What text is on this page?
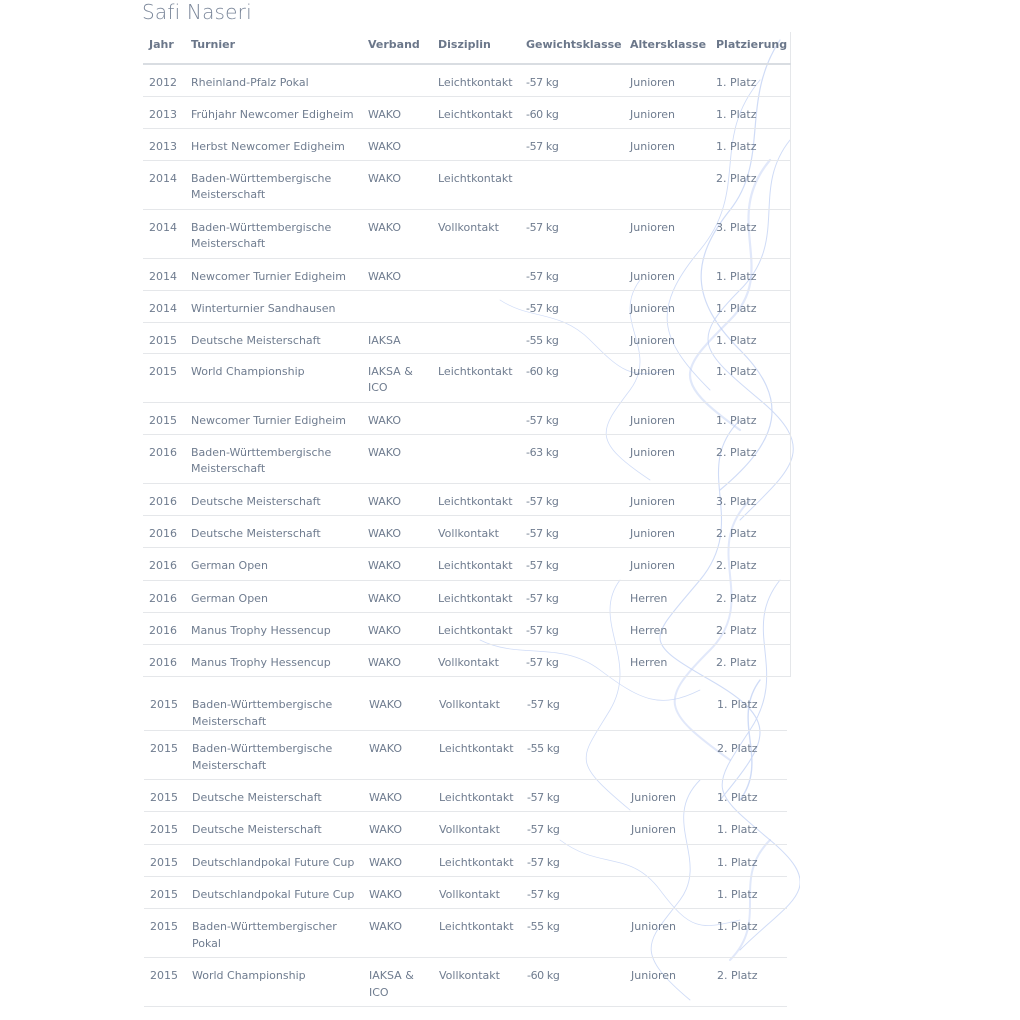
Safi Naseri
Jahr	Turnier	Verband	Disziplin	Gewichtsklasse	Altersklasse	Platzierung
2012	Rheinland-Pfalz Pokal		Leichtkontakt	-57 kg	Junioren	1. Platz
2013	Frühjahr Newcomer Edigheim	WAKO	Leichtkontakt	-60 kg	Junioren	1. Platz
2013	Herbst Newcomer Edigheim	WAKO		-57 kg	Junioren	1. Platz
2014	Baden-Württembergische Meisterschaft	WAKO	Leichtkontakt			2. Platz
2014	Baden-Württembergische Meisterschaft	WAKO	Vollkontakt	-57 kg	Junioren	3. Platz
2014	Newcomer Turnier Edigheim	WAKO		-57 kg	Junioren	1. Platz
2014	Winterturnier Sandhausen			-57 kg	Junioren	1. Platz
2015	Deutsche Meisterschaft	IAKSA		-55 kg	Junioren	1. Platz
2015	World Championship	IAKSA & ICO	Leichtkontakt	-60 kg	Junioren	1. Platz
2015	Newcomer Turnier Edigheim	WAKO		-57 kg	Junioren	1. Platz
2016	Baden-Württembergische Meisterschaft	WAKO		-63 kg	Junioren	2. Platz
2016	Deutsche Meisterschaft	WAKO	Leichtkontakt	-57 kg	Junioren	3. Platz
2016	Deutsche Meisterschaft	WAKO	Vollkontakt	-57 kg	Junioren	2. Platz
2016	German Open	WAKO	Leichtkontakt	-57 kg	Junioren	2. Platz
2016	German Open	WAKO	Leichtkontakt	-57 kg	Herren	2. Platz
2016	Manus Trophy Hessencup	WAKO	Leichtkontakt	-57 kg	Herren	2. Platz
2016	Manus Trophy Hessencup	WAKO	Vollkontakt	-57 kg	Herren	2. Platz
2015	Baden-Württembergische Meisterschaft	WAKO	Vollkontakt	-57 kg		1. Platz
2015	Baden-Württembergische Meisterschaft	WAKO	Leichtkontakt	-55 kg		2. Platz
2015	Deutsche Meisterschaft	WAKO	Leichtkontakt	-57 kg	Junioren	1. Platz
2015	Deutsche Meisterschaft	WAKO	Vollkontakt	-57 kg	Junioren	1. Platz
2015	Deutschlandpokal Future Cup	WAKO	Leichtkontakt	-57 kg		1. Platz
2015	Deutschlandpokal Future Cup	WAKO	Vollkontakt	-57 kg		1. Platz
2015	Baden-Württembergischer Pokal	WAKO	Leichtkontakt	-55 kg	Junioren	1. Platz
2015	World Championship	IAKSA & ICO	Vollkontakt	-60 kg	Junioren	2. Platz
